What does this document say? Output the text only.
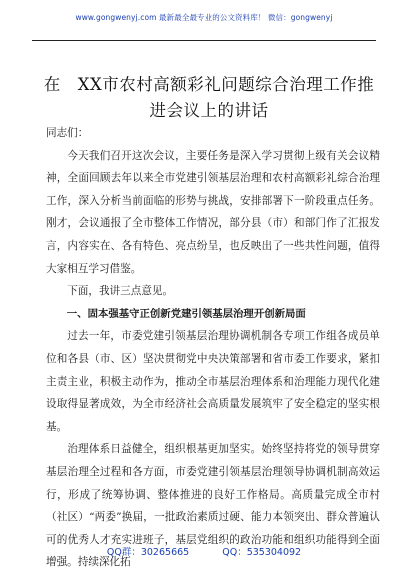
www.gongwenyj.com 最新最全最专业的公文资料库！ 微信：gongwenyj
在　XX市农村高额彩礼问题综合治理工作推进会议上的讲话

同志们：

今天我们召开这次会议，主要任务是深入学习贯彻上级有关会议精神，全面回顾去年以来全市党建引领基层治理和农村高额彩礼综合治理工作，深入分析当前面临的形势与挑战，安排部署下一阶段重点任务。刚才，会议通报了全市整体工作情况，部分县（市）和部门作了汇报发言，内容实在、各有特色、亮点纷呈，也反映出了一些共性问题，值得大家相互学习借鉴。

下面，我讲三点意见。

一、固本强基守正创新党建引领基层治理开创新局面

过去一年，市委党建引领基层治理协调机制各专项工作组各成员单位和各县（市、区）坚决贯彻党中央决策部署和省市委工作要求，紧扣主责主业，积极主动作为，推动全市基层治理体系和治理能力现代化建设取得显著成效，为全市经济社会高质量发展筑牢了安全稳定的坚实根基。

治理体系日益健全，组织根基更加坚实。始终坚持将党的领导贯穿基层治理全过程和各方面，市委党建引领基层治理领导协调机制高效运行，形成了统筹协调、整体推进的良好工作格局。高质量完成全市村（社区）“两委”换届，一批政治素质过硬、能力本领突出、群众普遍认可的优秀人才充实进班子，基层党组织的政治功能和组织功能得到全面增强。持续深化拓

QQ群：30265665	QQ：535304092
